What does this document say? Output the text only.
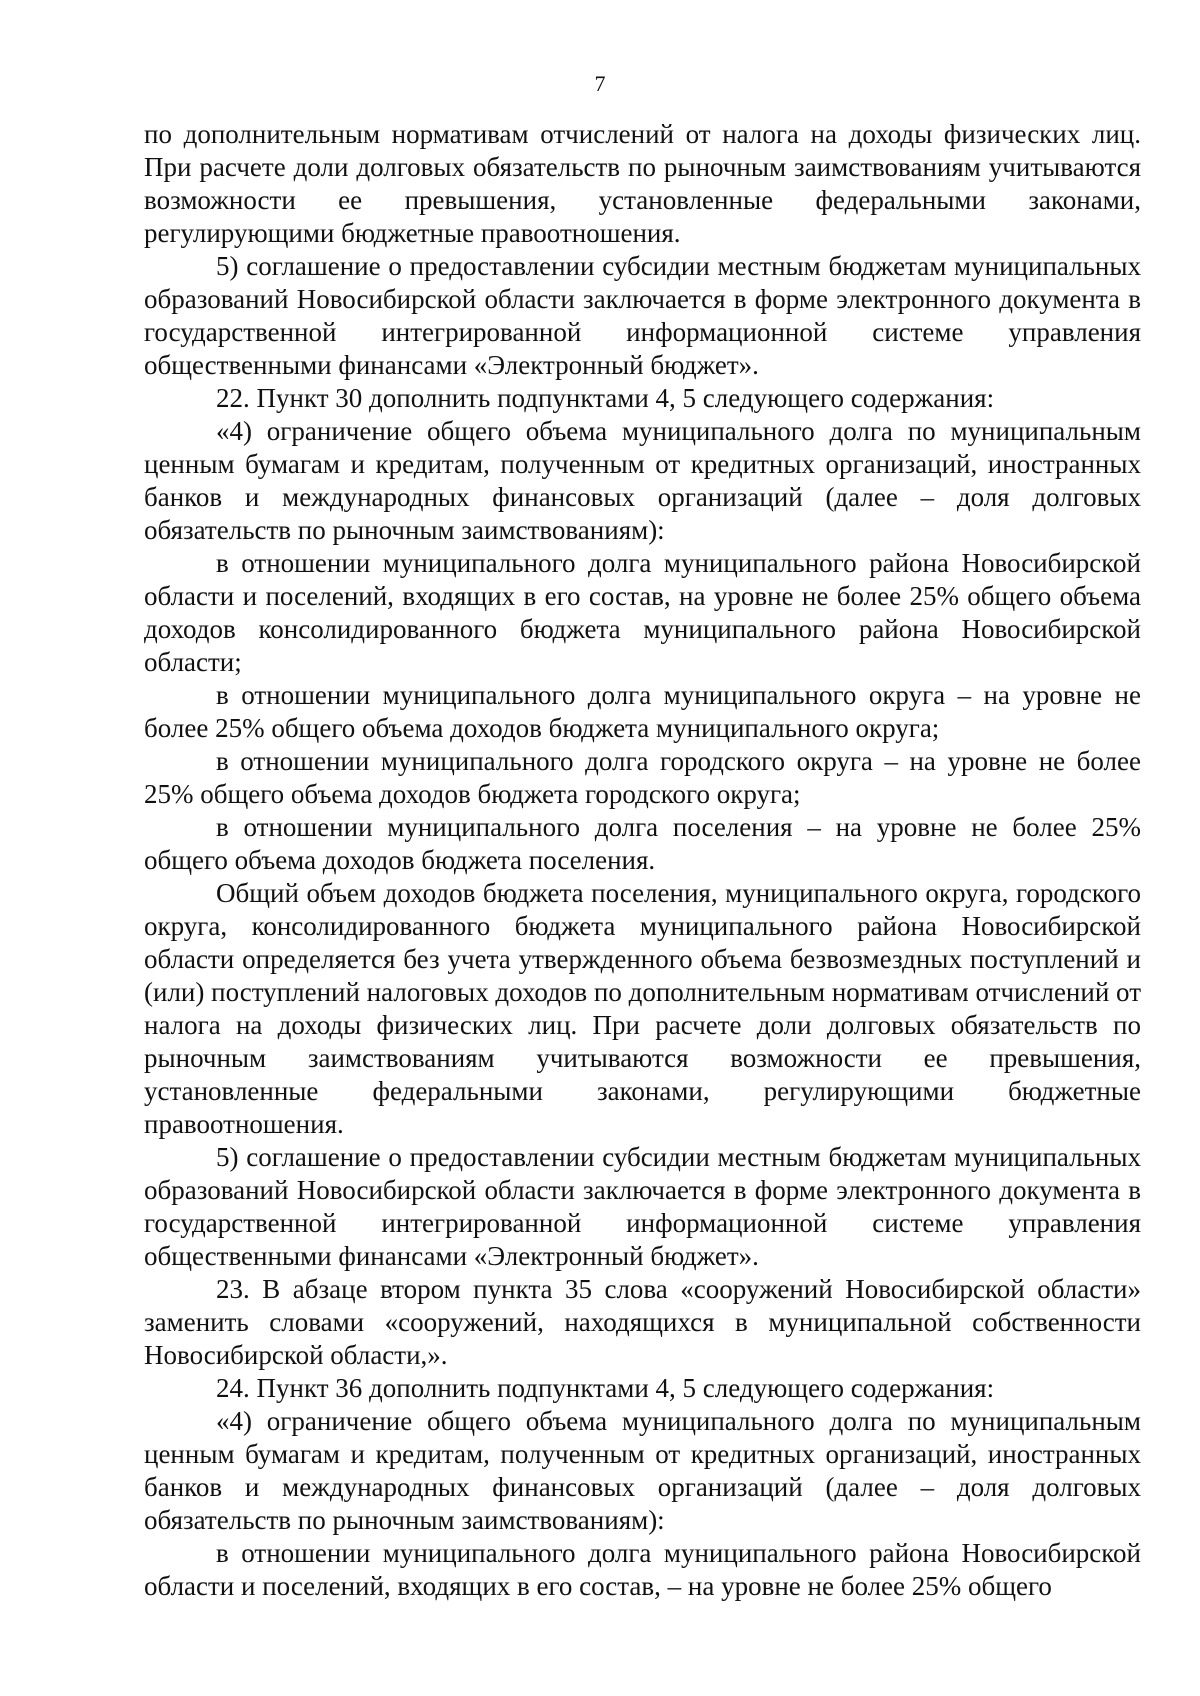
7

по дополнительным нормативам отчислений от налога на доходы физических лиц. При расчете доли долговых обязательств по рыночным заимствованиям учитываются возможности ее превышения, установленные федеральными законами, регулирующими бюджетные правоотношения.

5) соглашение о предоставлении субсидии местным бюджетам муниципальных образований Новосибирской области заключается в форме электронного документа в государственной интегрированной информационной системе управления общественными финансами «Электронный бюджет».

22. Пункт 30 дополнить подпунктами 4, 5 следующего содержания:

«4) ограничение общего объема муниципального долга по муниципальным ценным бумагам и кредитам, полученным от кредитных организаций, иностранных банков и международных финансовых организаций (далее – доля долговых обязательств по рыночным заимствованиям):

в отношении муниципального долга муниципального района Новосибирской области и поселений, входящих в его состав, на уровне не более 25% общего объема доходов консолидированного бюджета муниципального района Новосибирской области;

в отношении муниципального долга муниципального округа – на уровне не более 25% общего объема доходов бюджета муниципального округа;

в отношении муниципального долга городского округа – на уровне не более 25% общего объема доходов бюджета городского округа;

в отношении муниципального долга поселения – на уровне не более 25% общего объема доходов бюджета поселения.

Общий объем доходов бюджета поселения, муниципального округа, городского округа, консолидированного бюджета муниципального района Новосибирской области определяется без учета утвержденного объема безвозмездных поступлений и (или) поступлений налоговых доходов по дополнительным нормативам отчислений от налога на доходы физических лиц. При расчете доли долговых обязательств по рыночным заимствованиям учитываются возможности ее превышения, установленные федеральными законами, регулирующими бюджетные правоотношения.

5) соглашение о предоставлении субсидии местным бюджетам муниципальных образований Новосибирской области заключается в форме электронного документа в государственной интегрированной информационной системе управления общественными финансами «Электронный бюджет».

23. В абзаце втором пункта 35 слова «сооружений Новосибирской области» заменить словами «сооружений, находящихся в муниципальной собственности Новосибирской области,».

24. Пункт 36 дополнить подпунктами 4, 5 следующего содержания:

«4) ограничение общего объема муниципального долга по муниципальным ценным бумагам и кредитам, полученным от кредитных организаций, иностранных банков и международных финансовых организаций (далее – доля долговых обязательств по рыночным заимствованиям):

в отношении муниципального долга муниципального района Новосибирской области и поселений, входящих в его состав, – на уровне не более 25% общего
